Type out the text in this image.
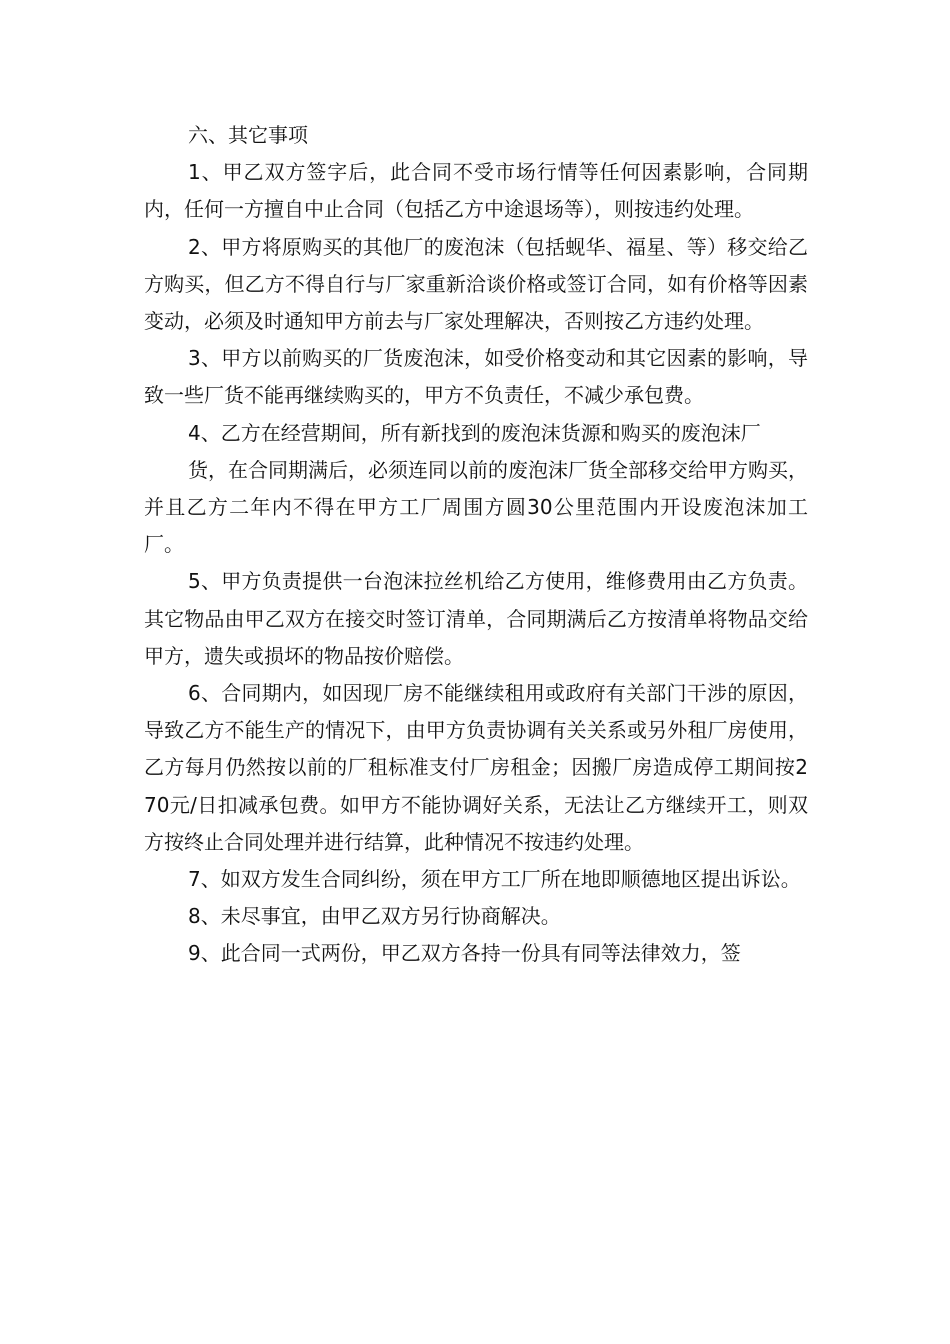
六、其它事项

1、甲乙双方签字后，此合同不受市场行情等任何因素影响，合同期内，任何一方擅自中止合同（包括乙方中途退场等），则按违约处理。

2、甲方将原购买的其他厂的废泡沫（包括蚬华、福星、等）移交给乙方购买，但乙方不得自行与厂家重新洽谈价格或签订合同，如有价格等因素变动，必须及时通知甲方前去与厂家处理解决，否则按乙方违约处理。

3、甲方以前购买的厂货废泡沫，如受价格变动和其它因素的影响，导致一些厂货不能再继续购买的，甲方不负责任，不减少承包费。

4、乙方在经营期间，所有新找到的废泡沫货源和购买的废泡沫厂

货，在合同期满后，必须连同以前的废泡沫厂货全部移交给甲方购买，并且乙方二年内不得在甲方工厂周围方圆30公里范围内开设废泡沫加工厂。

5、甲方负责提供一台泡沫拉丝机给乙方使用，维修费用由乙方负责。其它物品由甲乙双方在接交时签订清单，合同期满后乙方按清单将物品交给甲方，遗失或损坏的物品按价赔偿。

6、合同期内，如因现厂房不能继续租用或政府有关部门干涉的原因，导致乙方不能生产的情况下，由甲方负责协调有关关系或另外租厂房使用，乙方每月仍然按以前的厂租标准支付厂房租金；因搬厂房造成停工期间按270元/日扣减承包费。如甲方不能协调好关系，无法让乙方继续开工，则双方按终止合同处理并进行结算，此种情况不按违约处理。

7、如双方发生合同纠纷，须在甲方工厂所在地即顺德地区提出诉讼。

8、未尽事宜，由甲乙双方另行协商解决。

9、此合同一式两份，甲乙双方各持一份具有同等法律效力，签
